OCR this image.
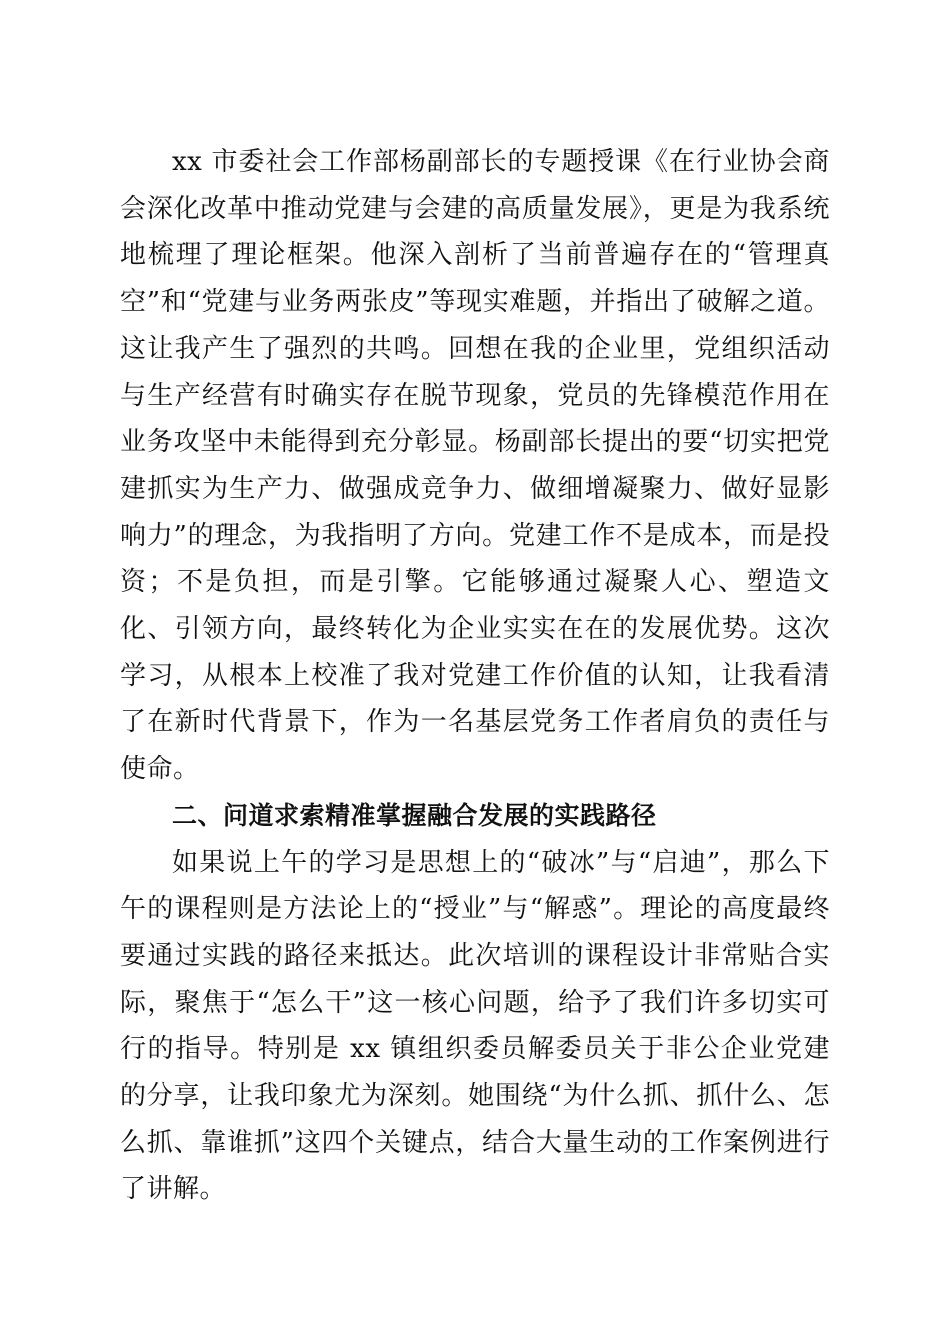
xx 市委社会工作部杨副部长的专题授课《在行业协会商会深化改革中推动党建与会建的高质量发展》，更是为我系统地梳理了理论框架。他深入剖析了当前普遍存在的“管理真空”和“党建与业务两张皮”等现实难题，并指出了破解之道。这让我产生了强烈的共鸣。回想在我的企业里，党组织活动与生产经营有时确实存在脱节现象，党员的先锋模范作用在业务攻坚中未能得到充分彰显。杨副部长提出的要“切实把党建抓实为生产力、做强成竞争力、做细增凝聚力、做好显影响力”的理念，为我指明了方向。党建工作不是成本，而是投资；不是负担，而是引擎。它能够通过凝聚人心、塑造文化、引领方向，最终转化为企业实实在在的发展优势。这次学习，从根本上校准了我对党建工作价值的认知，让我看清了在新时代背景下，作为一名基层党务工作者肩负的责任与使命。

二、问道求索精准掌握融合发展的实践路径

如果说上午的学习是思想上的“破冰”与“启迪”，那么下午的课程则是方法论上的“授业”与“解惑”。理论的高度最终要通过实践的路径来抵达。此次培训的课程设计非常贴合实际，聚焦于“怎么干”这一核心问题，给予了我们许多切实可行的指导。特别是 xx 镇组织委员解委员关于非公企业党建的分享，让我印象尤为深刻。她围绕“为什么抓、抓什么、怎么抓、靠谁抓”这四个关键点，结合大量生动的工作案例进行了讲解。
